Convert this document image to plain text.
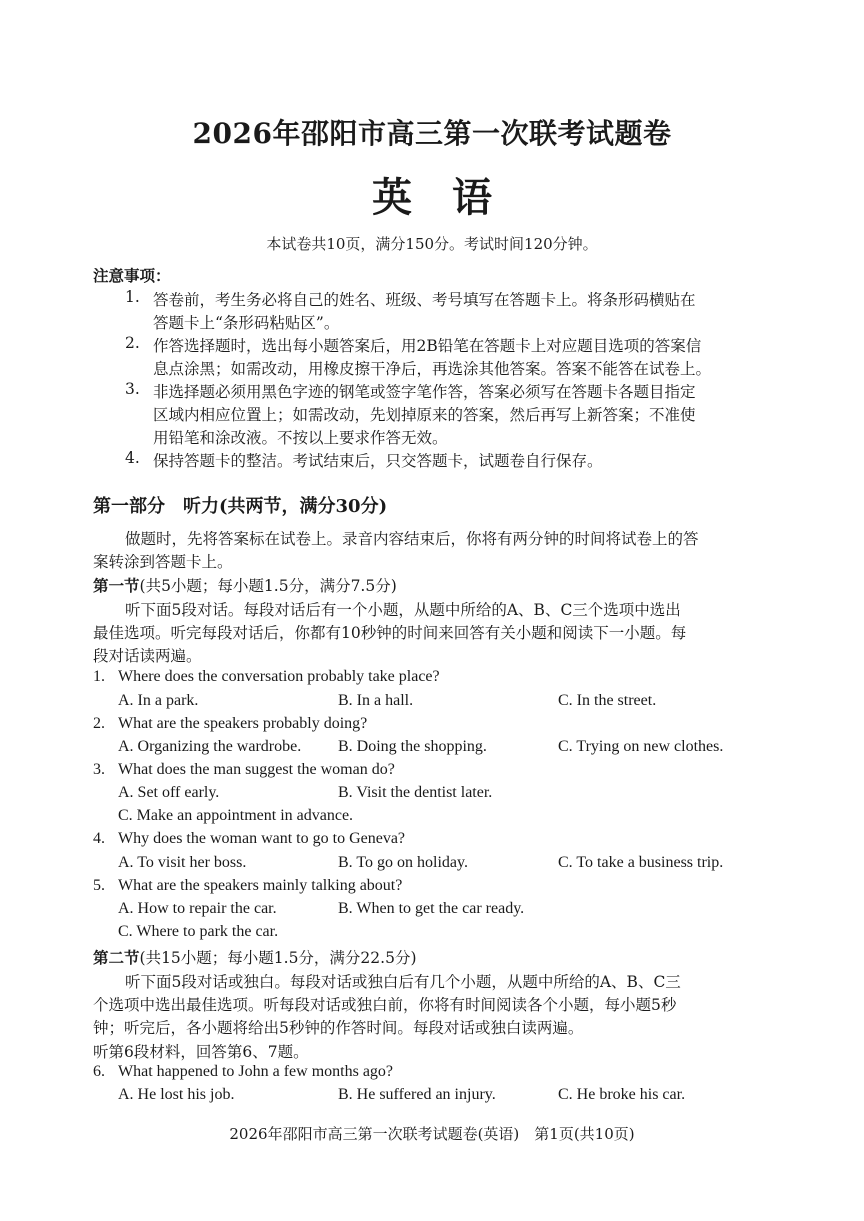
2026年邵阳市高三第一次联考试题卷
英语
本试卷共10页，满分150分。考试时间120分钟。
注意事项：
1. 答卷前，考生务必将自己的姓名、班级、考号填写在答题卡上。将条形码横贴在
答题卡上“条形码粘贴区”。
2. 作答选择题时，选出每小题答案后，用2B铅笔在答题卡上对应题目选项的答案信
息点涂黑；如需改动，用橡皮擦干净后，再选涂其他答案。答案不能答在试卷上。
3. 非选择题必须用黑色字迹的钢笔或签字笔作答，答案必须写在答题卡各题目指定
区域内相应位置上；如需改动，先划掉原来的答案，然后再写上新答案；不准使
用铅笔和涂改液。不按以上要求作答无效。
4. 保持答题卡的整洁。考试结束后，只交答题卡，试题卷自行保存。
第一部分　听力(共两节，满分30分)
做题时，先将答案标在试卷上。录音内容结束后，你将有两分钟的时间将试卷上的答
案转涂到答题卡上。
第一节(共5小题；每小题1.5分，满分7.5分)
听下面5段对话。每段对话后有一个小题，从题中所给的A、B、C三个选项中选出
最佳选项。听完每段对话后，你都有10秒钟的时间来回答有关小题和阅读下一小题。每
段对话读两遍。
1. Where does the conversation probably take place?
A. In a park.	B. In a hall.	C. In the street.
2. What are the speakers probably doing?
A. Organizing the wardrobe. B. Doing the shopping.	C. Trying on new clothes.
3. What does the man suggest the woman do?
A. Set off early.	B. Visit the dentist later.
C. Make an appointment in advance.
4. Why does the woman want to go to Geneva?
A. To visit her boss.	B. To go on holiday.	C. To take a business trip.
5. What are the speakers mainly talking about?
A. How to repair the car.	B. When to get the car ready.
C. Where to park the car.
第二节(共15小题；每小题1.5分，满分22.5分)
听下面5段对话或独白。每段对话或独白后有几个小题，从题中所给的A、B、C三
个选项中选出最佳选项。听每段对话或独白前，你将有时间阅读各个小题，每小题5秒
钟；听完后，各小题将给出5秒钟的作答时间。每段对话或独白读两遍。
听第6段材料，回答第6、7题。
6. What happened to John a few months ago?
A. He lost his job.	B. He suffered an injury.	C. He broke his car.
2026年邵阳市高三第一次联考试题卷(英语)　第1页(共10页)
